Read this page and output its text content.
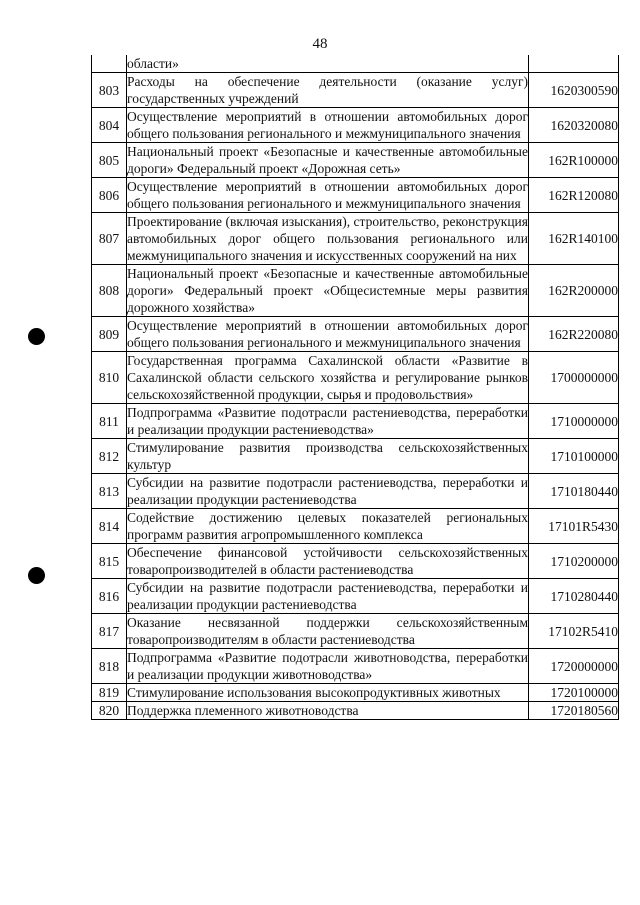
48
	области»	
803	Расходы на обеспечение деятельности (оказание услуг) государственных учреждений	1620300590
804	Осуществление мероприятий в отношении автомобильных дорог общего пользования регионального и межмуниципального значения	1620320080
805	Национальный проект «Безопасные и качественные автомобильные дороги» Федеральный проект «Дорожная сеть»	162R100000
806	Осуществление мероприятий в отношении автомобильных дорог общего пользования регионального и межмуниципального значения	162R120080
807	Проектирование (включая изыскания), строительство, реконструкция автомобильных дорог общего пользования регионального или межмуниципального значения и искусственных сооружений на них	162R140100
808	Национальный проект «Безопасные и качественные автомобильные дороги» Федеральный проект «Общесистемные меры развития дорожного хозяйства»	162R200000
809	Осуществление мероприятий в отношении автомобильных дорог общего пользования регионального и межмуниципального значения	162R220080
810	Государственная программа Сахалинской области «Развитие в Сахалинской области сельского хозяйства и регулирование рынков сельскохозяйственной продукции, сырья и продовольствия»	1700000000
811	Подпрограмма «Развитие подотрасли растениеводства, переработки и реализации продукции растениеводства»	1710000000
812	Стимулирование развития производства сельскохозяйственных культур	1710100000
813	Субсидии на развитие подотрасли растениеводства, переработки и реализации продукции растениеводства	1710180440
814	Содействие достижению целевых показателей региональных программ развития агропромышленного комплекса	17101R5430
815	Обеспечение финансовой устойчивости сельскохозяйственных товаропроизводителей в области растениеводства	1710200000
816	Субсидии на развитие подотрасли растениеводства, переработки и реализации продукции растениеводства	1710280440
817	Оказание несвязанной поддержки сельскохозяйственным товаропроизводителям в области растениеводства	17102R5410
818	Подпрограмма «Развитие подотрасли животноводства, переработки и реализации продукции животноводства»	1720000000
819	Стимулирование использования высокопродуктивных животных	1720100000
820	Поддержка племенного животноводства	1720180560
